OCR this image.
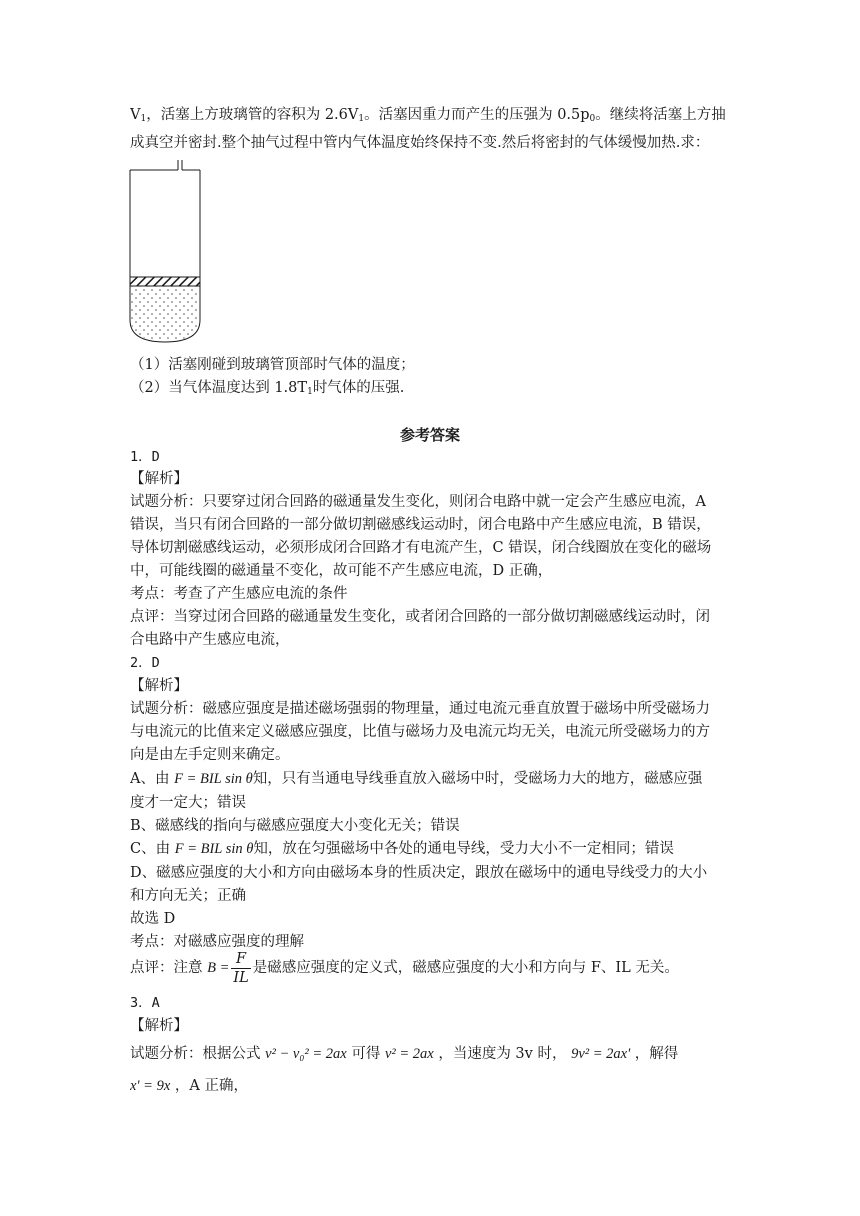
$V_1$，活塞上方玻璃管的容积为 $2.6V_1$。活塞因重力而产生的压强为 $0.5p_0$。继续将活塞上方抽
成真空并密封.整个抽气过程中管内气体温度始终保持不变.然后将密封的气体缓慢加热.求：
（1）活塞刚碰到玻璃管顶部时气体的温度；
（2）当气体温度达到 $1.8T_1$时气体的压强.
参考答案
1．D
【解析】
试题分析：只要穿过闭合回路的磁通量发生变化，则闭合电路中就一定会产生感应电流，A
错误，当只有闭合回路的一部分做切割磁感线运动时，闭合电路中产生感应电流，B 错误，
导体切割磁感线运动，必须形成闭合回路才有电流产生，C 错误，闭合线圈放在变化的磁场
中，可能线圈的磁通量不变化，故可能不产生感应电流，D 正确，
考点：考查了产生感应电流的条件
点评：当穿过闭合回路的磁通量发生变化，或者闭合回路的一部分做切割磁感线运动时，闭
合电路中产生感应电流，
2．D
【解析】
试题分析：磁感应强度是描述磁场强弱的物理量，通过电流元垂直放置于磁场中所受磁场力
与电流元的比值来定义磁感应强度，比值与磁场力及电流元均无关，电流元所受磁场力的方
向是由左手定则来确定。
A、由 F = BIL sin θ知，只有当通电导线垂直放入磁场中时，受磁场力大的地方，磁感应强
度才一定大；错误
B、磁感线的指向与磁感应强度大小变化无关；错误
C、由 F = BIL sin θ知，放在匀强磁场中各处的通电导线，受力大小不一定相同；错误
D、磁感应强度的大小和方向由磁场本身的性质决定，跟放在磁场中的通电导线受力的大小
和方向无关；正确
故选 D
考点：对磁感应强度的理解
点评：注意 $B = \frac{F}{IL}$ 是磁感应强度的定义式，磁感应强度的大小和方向与 F、IL 无关。
3．A
【解析】
试题分析：根据公式 v² − v₀² = 2ax 可得 v² = 2ax ，当速度为 3v 时， 9v² = 2ax' ，解得
x' = 9x ，A 正确，
